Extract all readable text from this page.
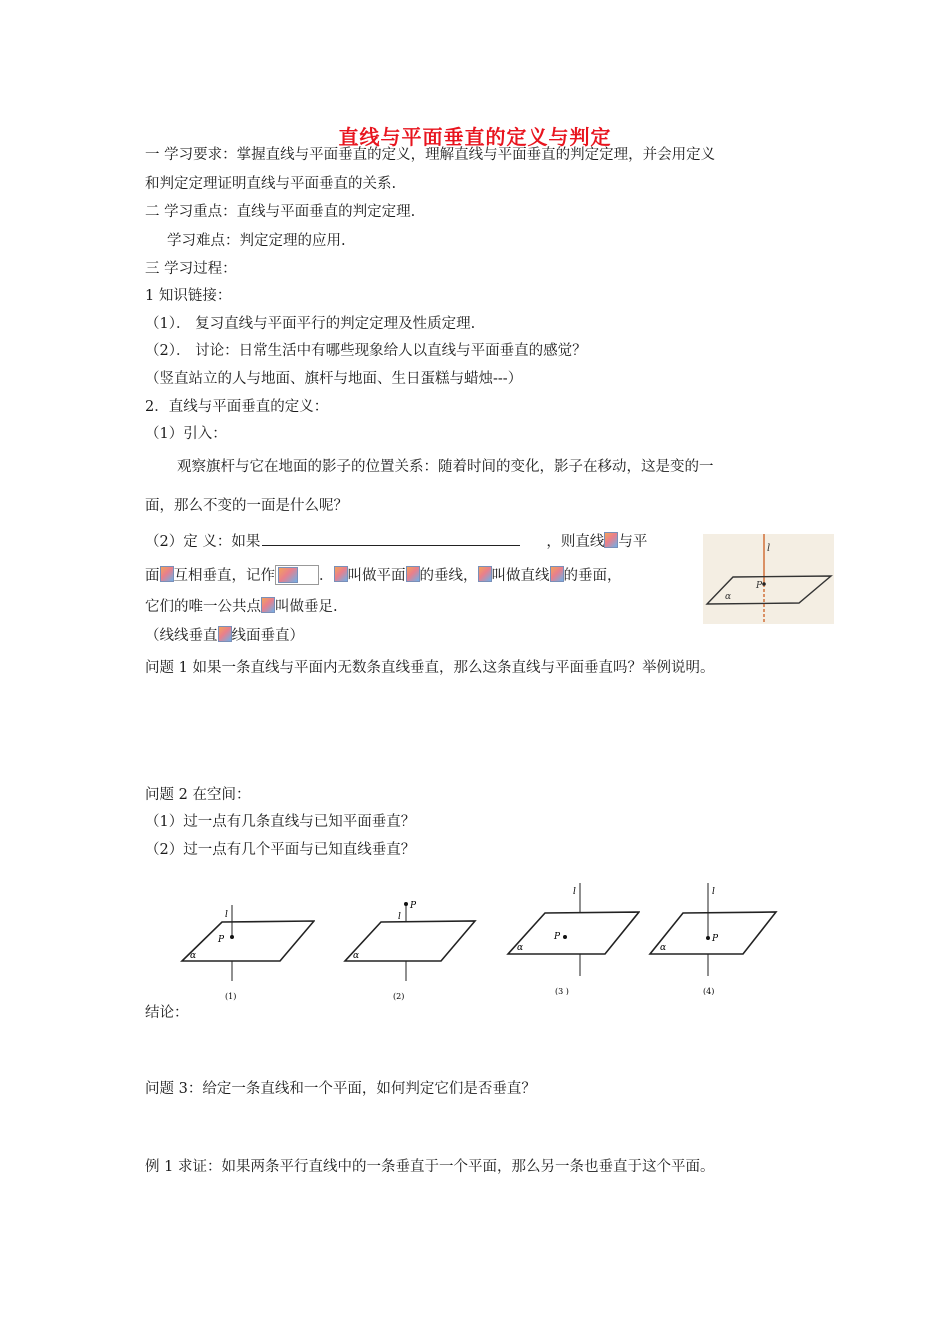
直线与平面垂直的定义与判定
一 学习要求：掌握直线与平面垂直的定义，理解直线与平面垂直的判定定理，并会用定义
和判定定理证明直线与平面垂直的关系.
二 学习重点：直线与平面垂直的判定定理.
学习难点：判定定理的应用.
三 学习过程：
1 知识链接：
（1）． 复习直线与平面平行的判定定理及性质定理.
（2）． 讨论：日常生活中有哪些现象给人以直线与平面垂直的感觉？
（竖直站立的人与地面、旗杆与地面、生日蛋糕与蜡烛---）
2．直线与平面垂直的定义：
（1）引入：
观察旗杆与它在地面的影子的位置关系：随着时间的变化，影子在移动，这是变的一
面，那么不变的一面是什么呢？
（2）定 义：如果	，则直线 与平
面 互相垂直，记作	． 叫做平面 的垂线， 叫做直线 的垂面，
它们的唯一公共点 叫做垂足.
（线线垂直 线面垂直）
l
P
α
问题 1 如果一条直线与平面内无数条直线垂直，那么这条直线与平面垂直吗？举例说明。
问题 2 在空间：
（1）过一点有几条直线与已知平面垂直？
（2）过一点有几个平面与已知直线垂直？
l
P
α
(1)
l
P
α
(2)
l
P
α
(3 )
l
P
α
(4)
结论：
问题 3：给定一条直线和一个平面，如何判定它们是否垂直？
例 1 求证：如果两条平行直线中的一条垂直于一个平面，那么另一条也垂直于这个平面。
